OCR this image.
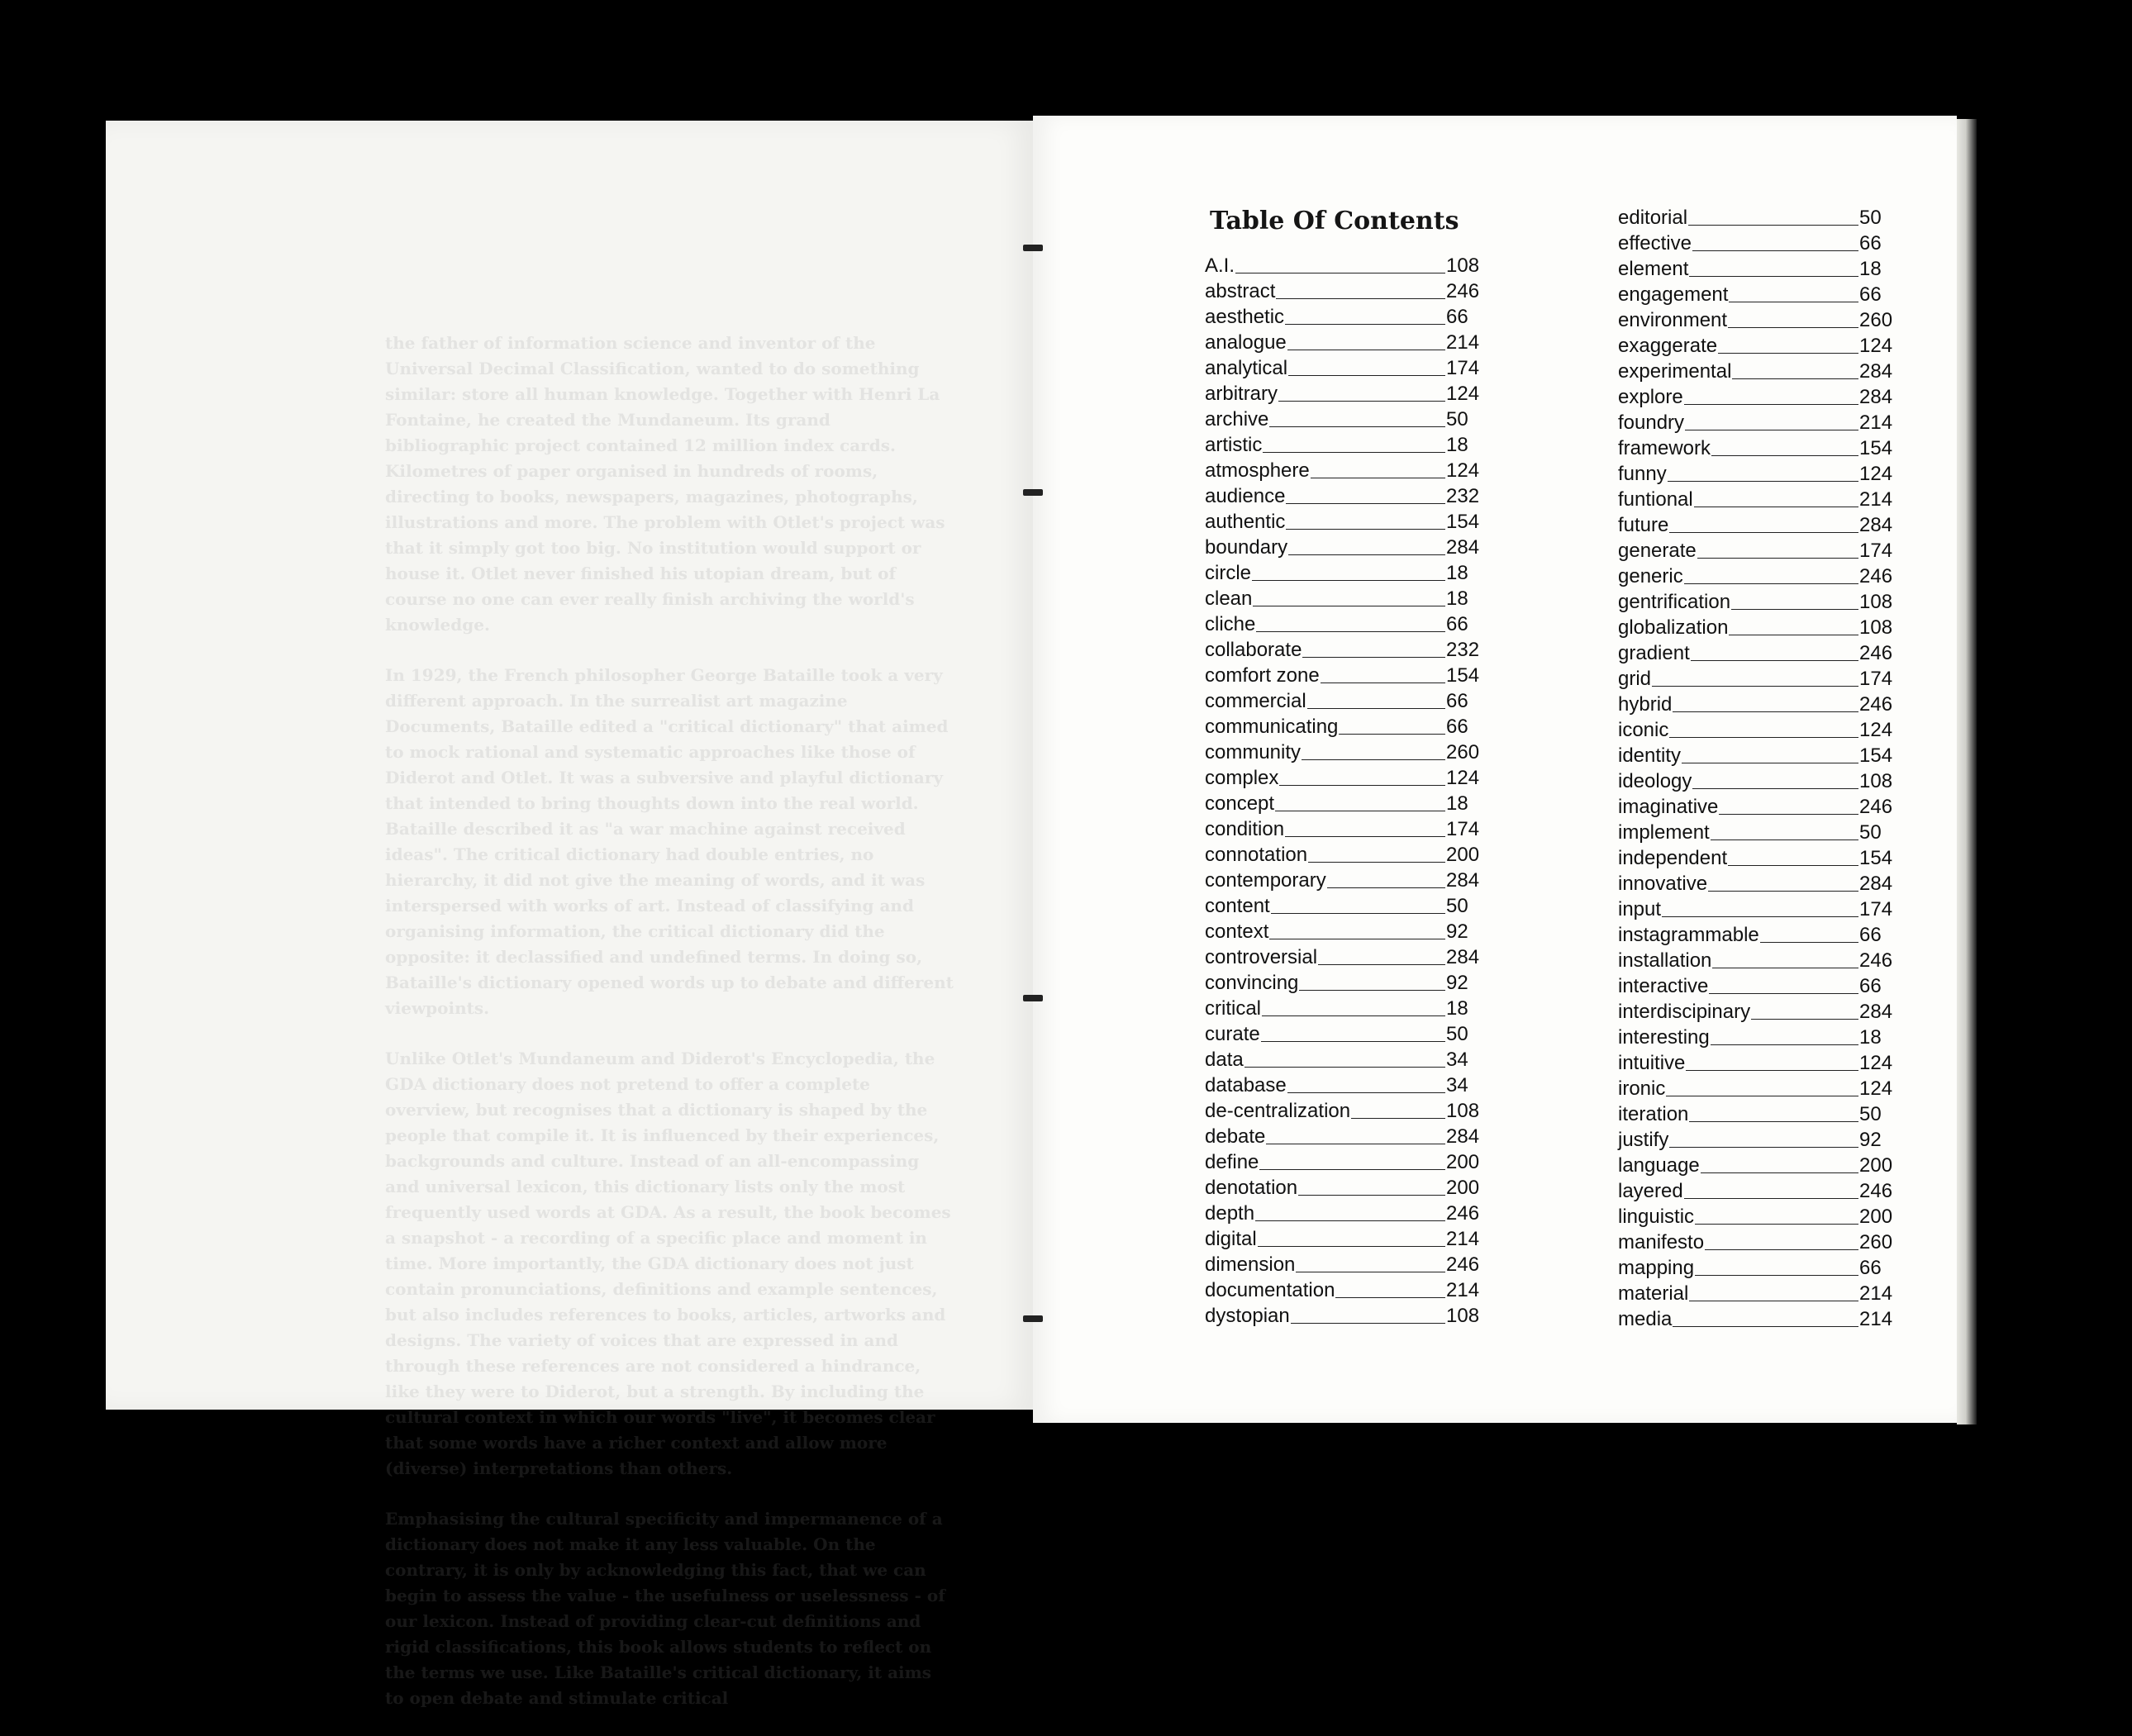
the father of information science and inventor of the Universal Decimal Classification, wanted to do something similar: store all human knowledge. Together with Henri La Fontaine, he created the Mundaneum. Its grand bibliographic project contained 12 million index cards. Kilometres of paper organised in hundreds of rooms, directing to books, newspapers, magazines, photographs, illustrations and more. The problem with Otlet's project was that it simply got too big. No institution would support or house it. Otlet never finished his utopian dream, but of course no one can ever really finish archiving the world's knowledge.

In 1929, the French philosopher George Bataille took a very different approach. In the surrealist art magazine Documents, Bataille edited a "critical dictionary" that aimed to mock rational and systematic approaches like those of Diderot and Otlet. It was a subversive and playful dictionary that intended to bring thoughts down into the real world. Bataille described it as "a war machine against received ideas". The critical dictionary had double entries, no hierarchy, it did not give the meaning of words, and it was interspersed with works of art. Instead of classifying and organising information, the critical dictionary did the opposite: it declassified and undefined terms. In doing so, Bataille's dictionary opened words up to debate and different viewpoints.

Unlike Otlet's Mundaneum and Diderot's Encyclopedia, the GDA dictionary does not pretend to offer a complete overview, but recognises that a dictionary is shaped by the people that compile it. It is influenced by their experiences, backgrounds and culture. Instead of an all-encompassing and universal lexicon, this dictionary lists only the most frequently used words at GDA. As a result, the book becomes a snapshot - a recording of a specific place and moment in time. More importantly, the GDA dictionary does not just contain pronunciations, definitions and example sentences, but also includes references to books, articles, artworks and designs. The variety of voices that are expressed in and through these references are not considered a hindrance, like they were to Diderot, but a strength. By including the cultural context in which our words "live", it becomes clear that some words have a richer context and allow more (diverse) interpretations than others.

Emphasising the cultural specificity and impermanence of a dictionary does not make it any less valuable. On the contrary, it is only by acknowledging this fact, that we can begin to assess the value - the usefulness or uselessness - of our lexicon. Instead of providing clear-cut definitions and rigid classifications, this book allows students to reflect on the terms we use. Like Bataille's critical dictionary, it aims to open debate and stimulate critical

Table Of Contents
A.I.	108
abstract	246
aesthetic	66
analogue	214
analytical	174
arbitrary	124
archive	50
artistic	18
atmosphere	124
audience	232
authentic	154
boundary	284
circle	18
clean	18
cliche	66
collaborate	232
comfort zone	154
commercial	66
communicating	66
community	260
complex	124
concept	18
condition	174
connotation	200
contemporary	284
content	50
context	92
controversial	284
convincing	92
critical	18
curate	50
data	34
database	34
de-centralization	108
debate	284
define	200
denotation	200
depth	246
digital	214
dimension	246
documentation	214
dystopian	108
editorial	50
effective	66
element	18
engagement	66
environment	260
exaggerate	124
experimental	284
explore	284
foundry	214
framework	154
funny	124
funtional	214
future	284
generate	174
generic	246
gentrification	108
globalization	108
gradient	246
grid	174
hybrid	246
iconic	124
identity	154
ideology	108
imaginative	246
implement	50
independent	154
innovative	284
input	174
instagrammable	66
installation	246
interactive	66
interdiscipinary	284
interesting	18
intuitive	124
ironic	124
iteration	50
justify	92
language	200
layered	246
linguistic	200
manifesto	260
mapping	66
material	214
media	214
